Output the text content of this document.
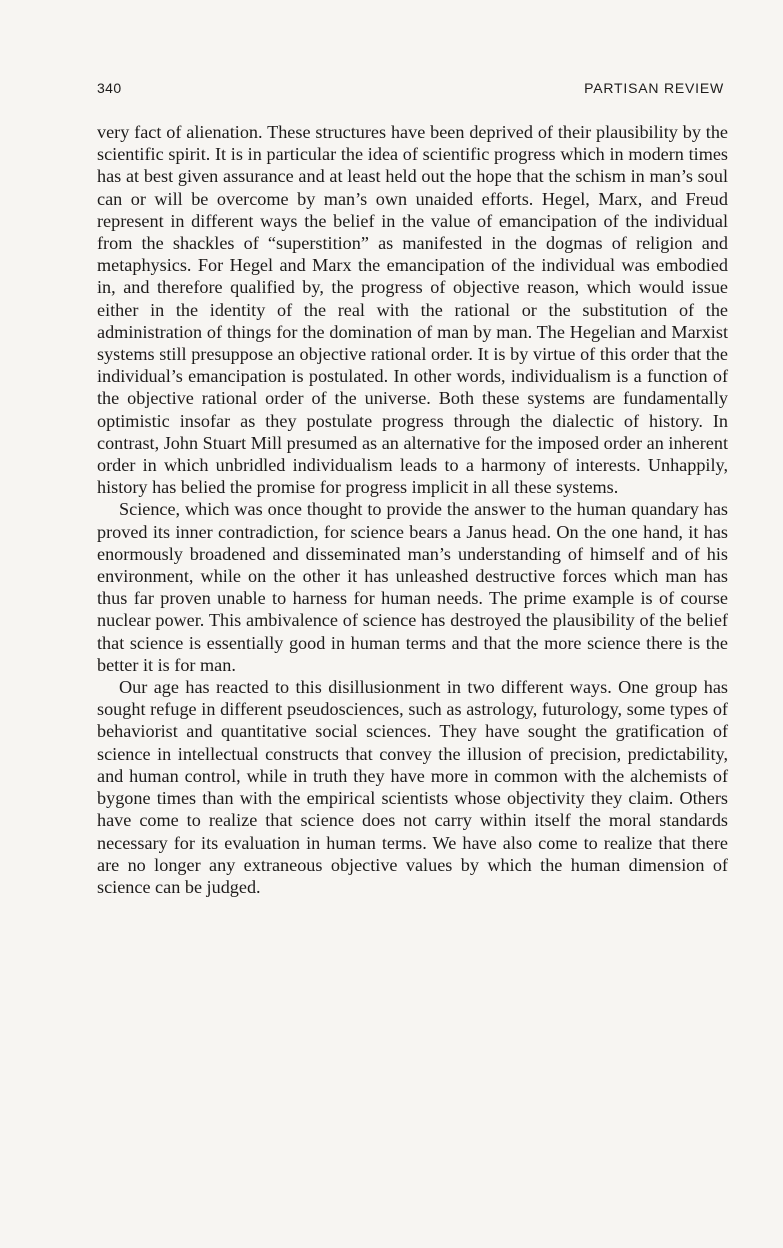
340	PARTISAN REVIEW

very fact of alienation. These structures have been deprived of their plausibility by the scientific spirit. It is in particular the idea of scientific progress which in modern times has at best given assurance and at least held out the hope that the schism in man’s soul can or will be overcome by man’s own unaided efforts. Hegel, Marx, and Freud represent in different ways the belief in the value of emancipation of the individual from the shackles of “superstition” as manifested in the dogmas of religion and metaphysics. For Hegel and Marx the emancipation of the individual was embodied in, and therefore qualified by, the progress of objective reason, which would issue either in the identity of the real with the rational or the substitution of the administration of things for the domination of man by man. The Hegelian and Marxist systems still presuppose an objective rational order. It is by virtue of this order that the individual’s emancipation is postulated. In other words, individualism is a function of the objective rational order of the universe. Both these systems are fundamentally optimistic insofar as they postulate progress through the dialectic of history. In contrast, John Stuart Mill presumed as an alternative for the imposed order an inherent order in which unbridled individualism leads to a harmony of interests. Unhappily, history has belied the promise for progress implicit in all these systems.

Science, which was once thought to provide the answer to the human quandary has proved its inner contradiction, for science bears a Janus head. On the one hand, it has enormously broadened and disseminated man’s understanding of himself and of his environment, while on the other it has unleashed destructive forces which man has thus far proven unable to harness for human needs. The prime example is of course nuclear power. This ambivalence of science has destroyed the plausibility of the belief that science is essentially good in human terms and that the more science there is the better it is for man.

Our age has reacted to this disillusionment in two different ways. One group has sought refuge in different pseudosciences, such as astrology, futurology, some types of behaviorist and quantitative social sciences. They have sought the gratification of science in intellectual constructs that convey the illusion of precision, predictability, and human control, while in truth they have more in common with the alchemists of bygone times than with the empirical scientists whose objectivity they claim. Others have come to realize that science does not carry within itself the moral standards necessary for its evaluation in human terms. We have also come to realize that there are no longer any extraneous objective values by which the human dimension of science can be judged.
